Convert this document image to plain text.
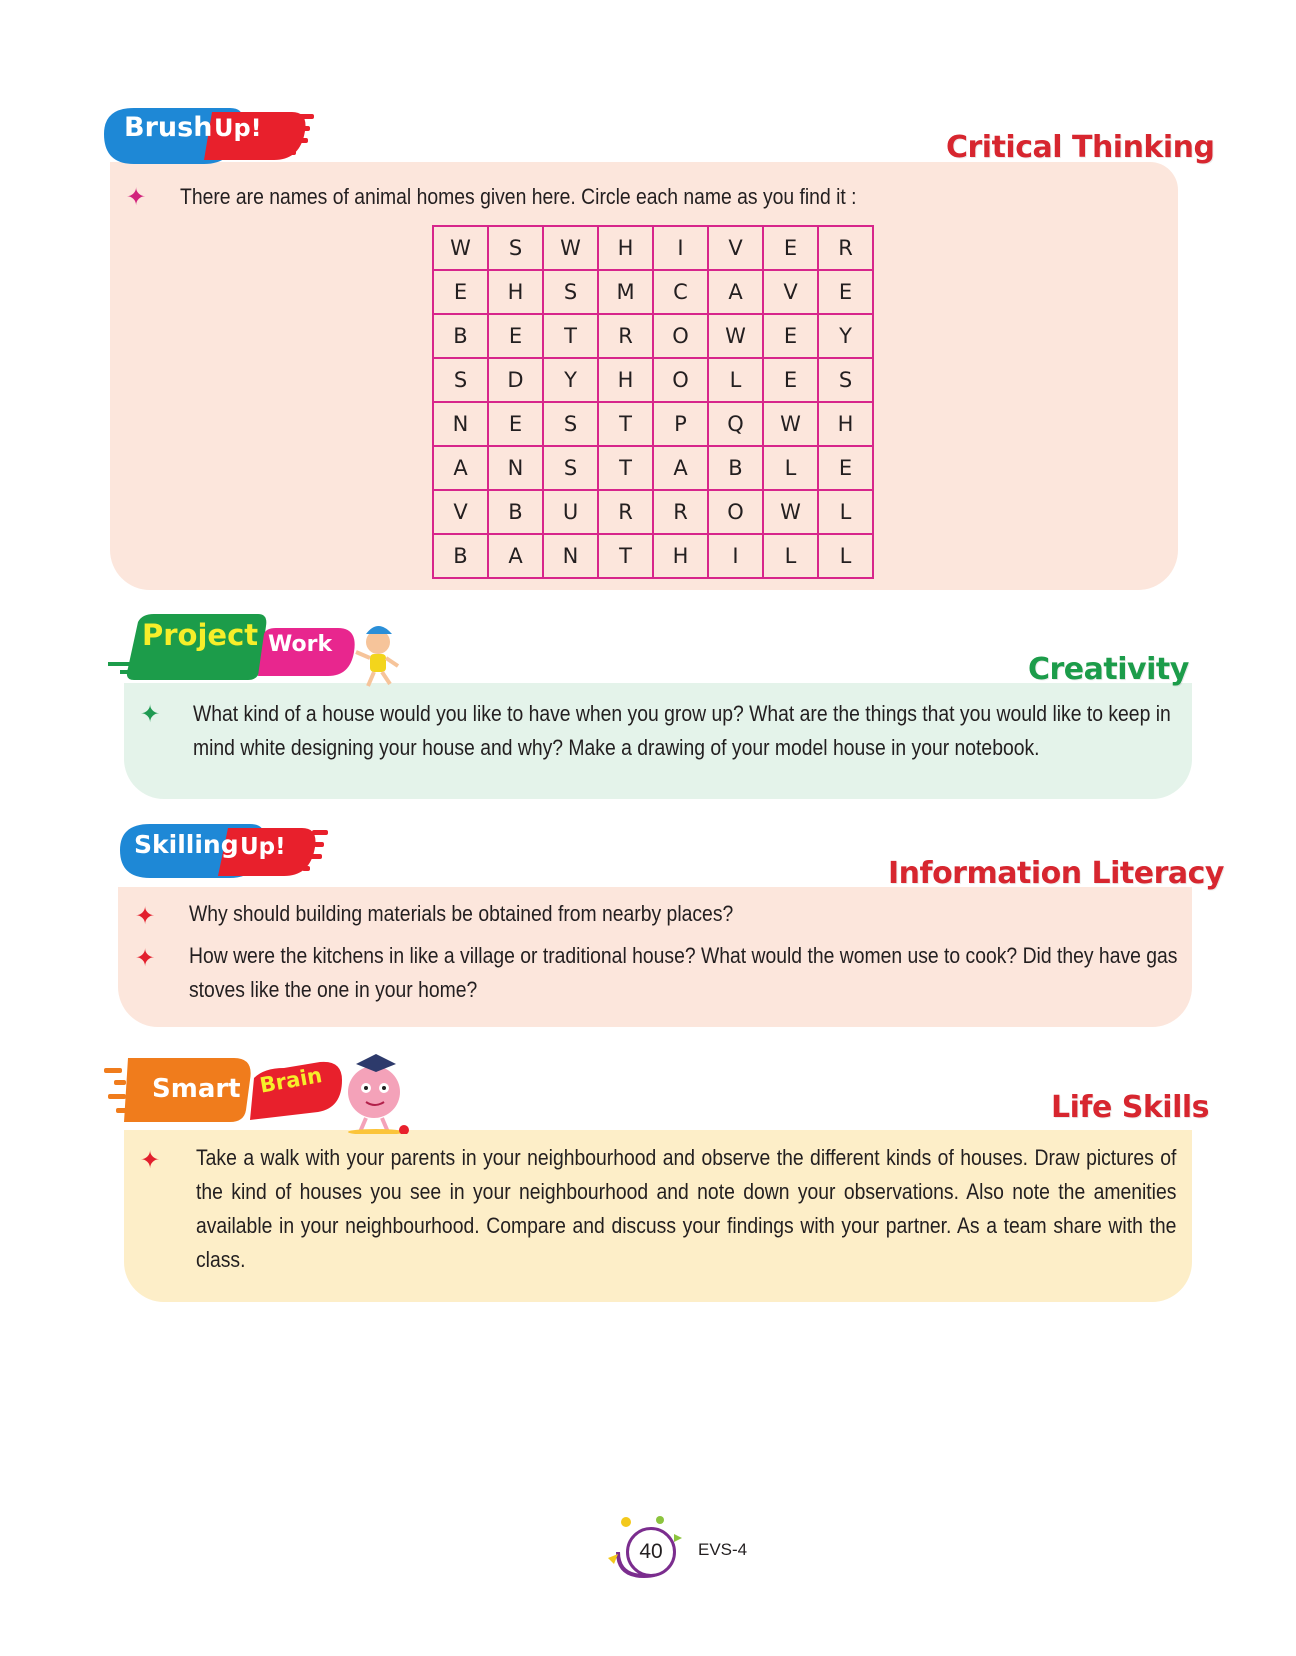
Brush Up!
Critical Thinking
✦ There are names of animal homes given here. Circle each name as you find it :
W	S	W	H	I	V	E	R
E	H	S	M	C	A	V	E
B	E	T	R	O	W	E	Y
S	D	Y	H	O	L	E	S
N	E	S	T	P	Q	W	H
A	N	S	T	A	B	L	E
V	B	U	R	R	O	W	L
B	A	N	T	H	I	L	L
Project Work
Creativity
✦ What kind of a house would you like to have when you grow up? What are the things that you would like to keep in mind white designing your house and why? Make a drawing of your model house in your notebook.
Skilling Up!
Information Literacy
✦ Why should building materials be obtained from nearby places?
✦ How were the kitchens in like a village or traditional house? What would the women use to cook? Did they have gas stoves like the one in your home?
Smart Brain
Life Skills
✦ Take a walk with your parents in your neighbourhood and observe the different kinds of houses. Draw pictures of the kind of houses you see in your neighbourhood and note down your observations. Also note the amenities available in your neighbourhood. Compare and discuss your findings with your partner. As a team share with the class.
40	EVS-4
